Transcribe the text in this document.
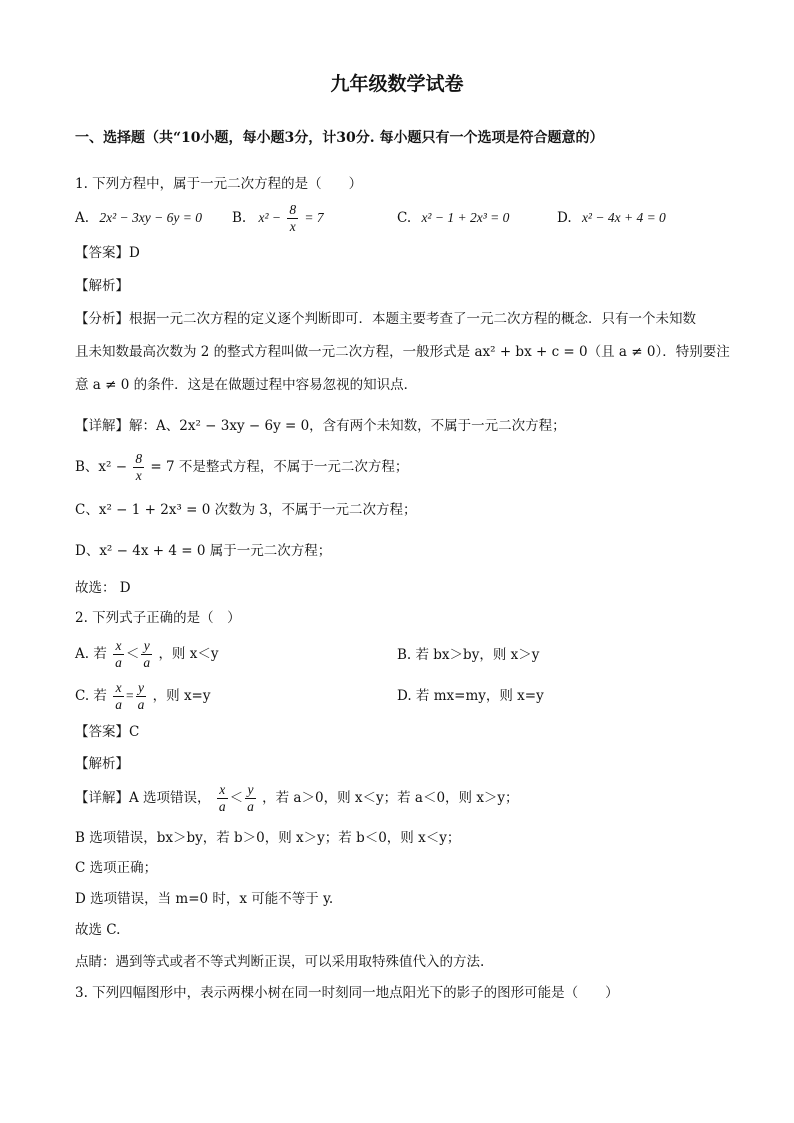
九年级数学试卷
一、选择题（共“10小题，每小题3分，计30分. 每小题只有一个选项是符合题意的）
1. 下列方程中，属于一元二次方程的是（　　）
A. 2x² − 3xy − 6y = 0 B. $x^2 - \frac{8}{x} = 7$	C. x² − 1 + 2x³ = 0	D. x² − 4x + 4 = 0
【答案】D
【解析】
【分析】根据一元二次方程的定义逐个判断即可．本题主要考查了一元二次方程的概念．只有一个未知数
且未知数最高次数为 2 的整式方程叫做一元二次方程，一般形式是 ax² + bx + c = 0（且 a ≠ 0）．特别要注
意 a ≠ 0 的条件．这是在做题过程中容易忽视的知识点．
【详解】解：A、2x² − 3xy − 6y = 0，含有两个未知数，不属于一元二次方程；
B、$x^2 - \frac{8}{x} = 7$ 不是整式方程，不属于一元二次方程；
C、x² − 1 + 2x³ = 0 次数为 3，不属于一元二次方程；
D、x² − 4x + 4 = 0 属于一元二次方程；
故选： D
2. 下列式子正确的是（　）
A. 若 $\frac{x}{a} < \frac{y}{a}$ ，则 x＜y	B. 若 bx＞by，则 x＞y
C. 若 $\frac{x}{a} = \frac{y}{a}$ ，则 x=y	D. 若 mx=my，则 x=y
【答案】C
【解析】
【详解】A 选项错误， $\frac{x}{a} < \frac{y}{a}$ ，若 a＞0，则 x＜y；若 a＜0，则 x＞y；
B 选项错误，bx＞by，若 b＞0，则 x＞y；若 b＜0，则 x＜y；
C 选项正确；
D 选项错误，当 m=0 时，x 可能不等于 y.
故选 C.
点睛：遇到等式或者不等式判断正误，可以采用取特殊值代入的方法.
3. 下列四幅图形中，表示两棵小树在同一时刻同一地点阳光下的影子的图形可能是（　　）
